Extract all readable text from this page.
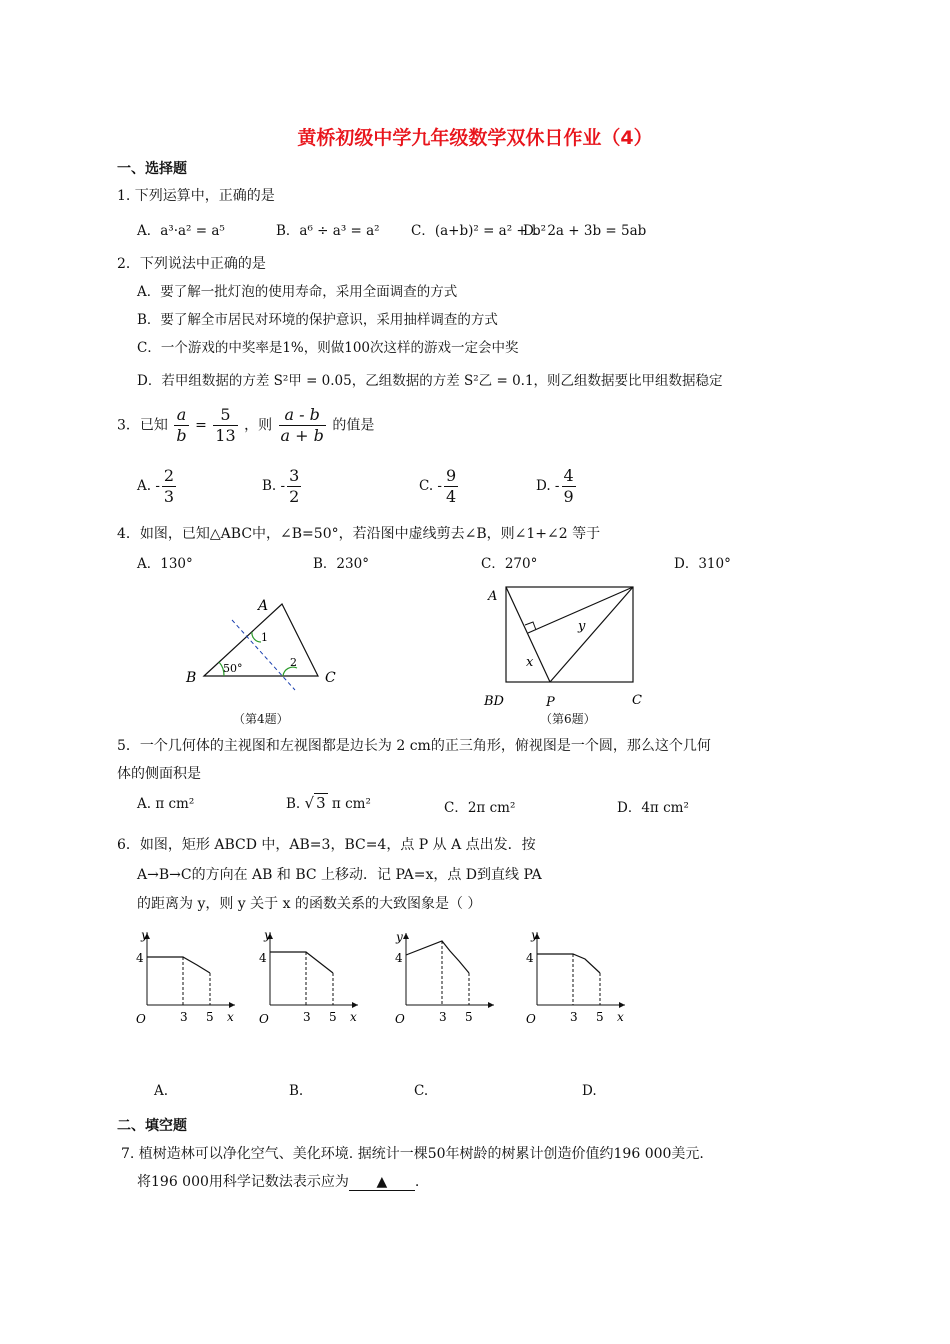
黄桥初级中学九年级数学双休日作业（4）
一、选择题
1. 下列运算中，正确的是
A．a³·a² = a⁵	B．a⁶ ÷ a³ = a² C．(a+b)² = a² + b²
D．2a + 3b = 5ab
2．下列说法中正确的是
A．要了解一批灯泡的使用寿命，采用全面调查的方式
B．要了解全市居民对环境的保护意识，采用抽样调查的方式
C．一个游戏的中奖率是1%，则做100次这样的游戏一定会中奖
D．若甲组数据的方差 S²甲 = 0.05，乙组数据的方差 S²乙 = 0.1，则乙组数据要比甲组数据稳定
3．已知 $\frac{a}{b} = \frac{5}{13}$ ，则 $\frac{a - b}{a + b}$ 的值是
A. - $\frac{2}{3}$	B. - $\frac{3}{2}$	C. - $\frac{9}{4}$	D. - $\frac{4}{9}$
4．如图，已知△ABC中，∠B=50°，若沿图中虚线剪去∠B，则∠1+∠2 等于
A．130°	B．230°	C．270°	D．310°
A
B	C
1
2
50°
（第4题）
A
BD	P	C
x
y
（第6题）
5．一个几何体的主视图和左视图都是边长为 2 cm的正三角形，俯视图是一个圆，那么这个几何
体的侧面积是
A. π cm²	B. √ 3 π cm²	C．2π cm²	D．4π cm²
6．如图，矩形 ABCD 中，AB=3，BC=4，点 P 从 A 点出发．按
A→B→C的方向在 AB 和 BC 上移动．记 PA=x，点 D到直线 PA
的距离为 y，则 y 关于 x 的函数关系的大致图象是（ ）
y
4
O	3 5 x
y
4
O	3 5 x
y
4
O	3 5
y
4
O	3 5 x
A.	B.	C.	D.
二、填空题
7. 植树造林可以净化空气、美化环境. 据统计一棵50年树龄的树累计创造价值约196 000美元.
将196 000用科学记数法表示应为 ▲ .
